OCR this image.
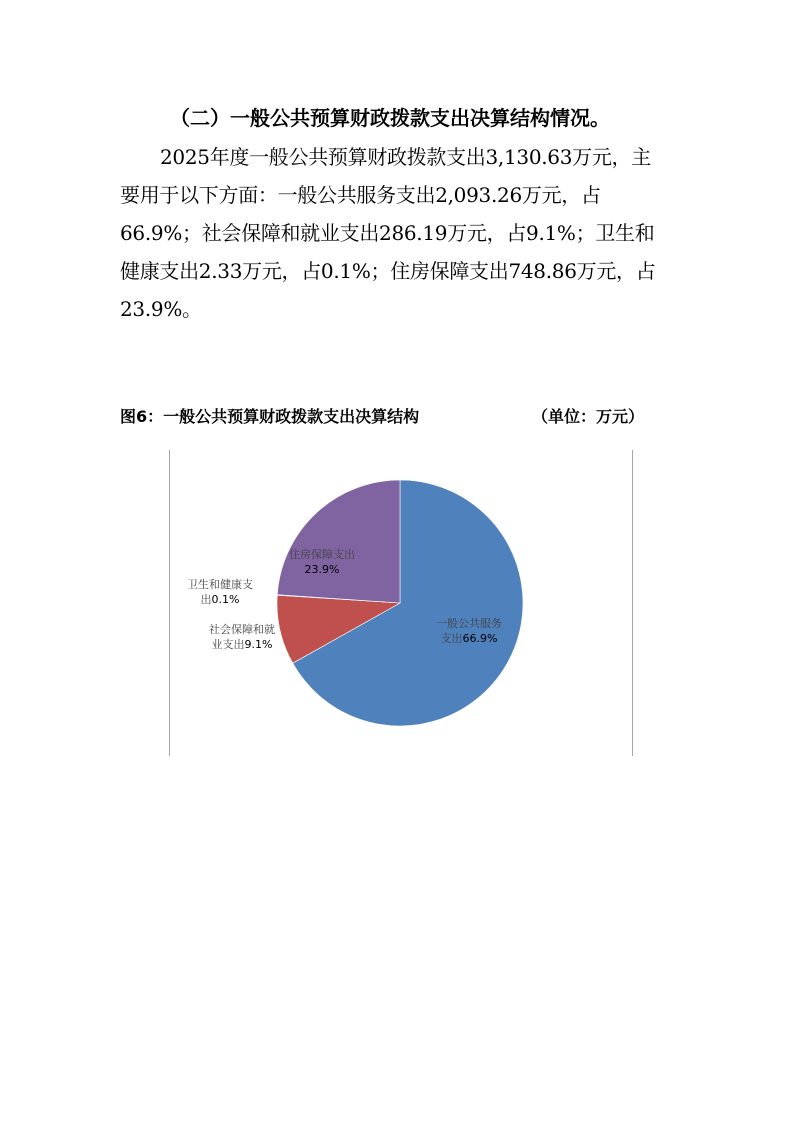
（二）一般公共预算财政拨款支出决算结构情况。
2025年度一般公共预算财政拨款支出3,130.63万元，主
要用于以下方面：一般公共服务支出2,093.26万元，占
66.9%；社会保障和就业支出286.19万元，占9.1%；卫生和
健康支出2.33万元，占0.1%；住房保障支出748.86万元，占
23.9%。
图6：一般公共预算财政拨款支出决算结构	（单位：万元）
一般公共服务支出66.9%
社会保障和就业支出9.1%
卫生和健康支出0.1%
住房保障支出 23.9%
